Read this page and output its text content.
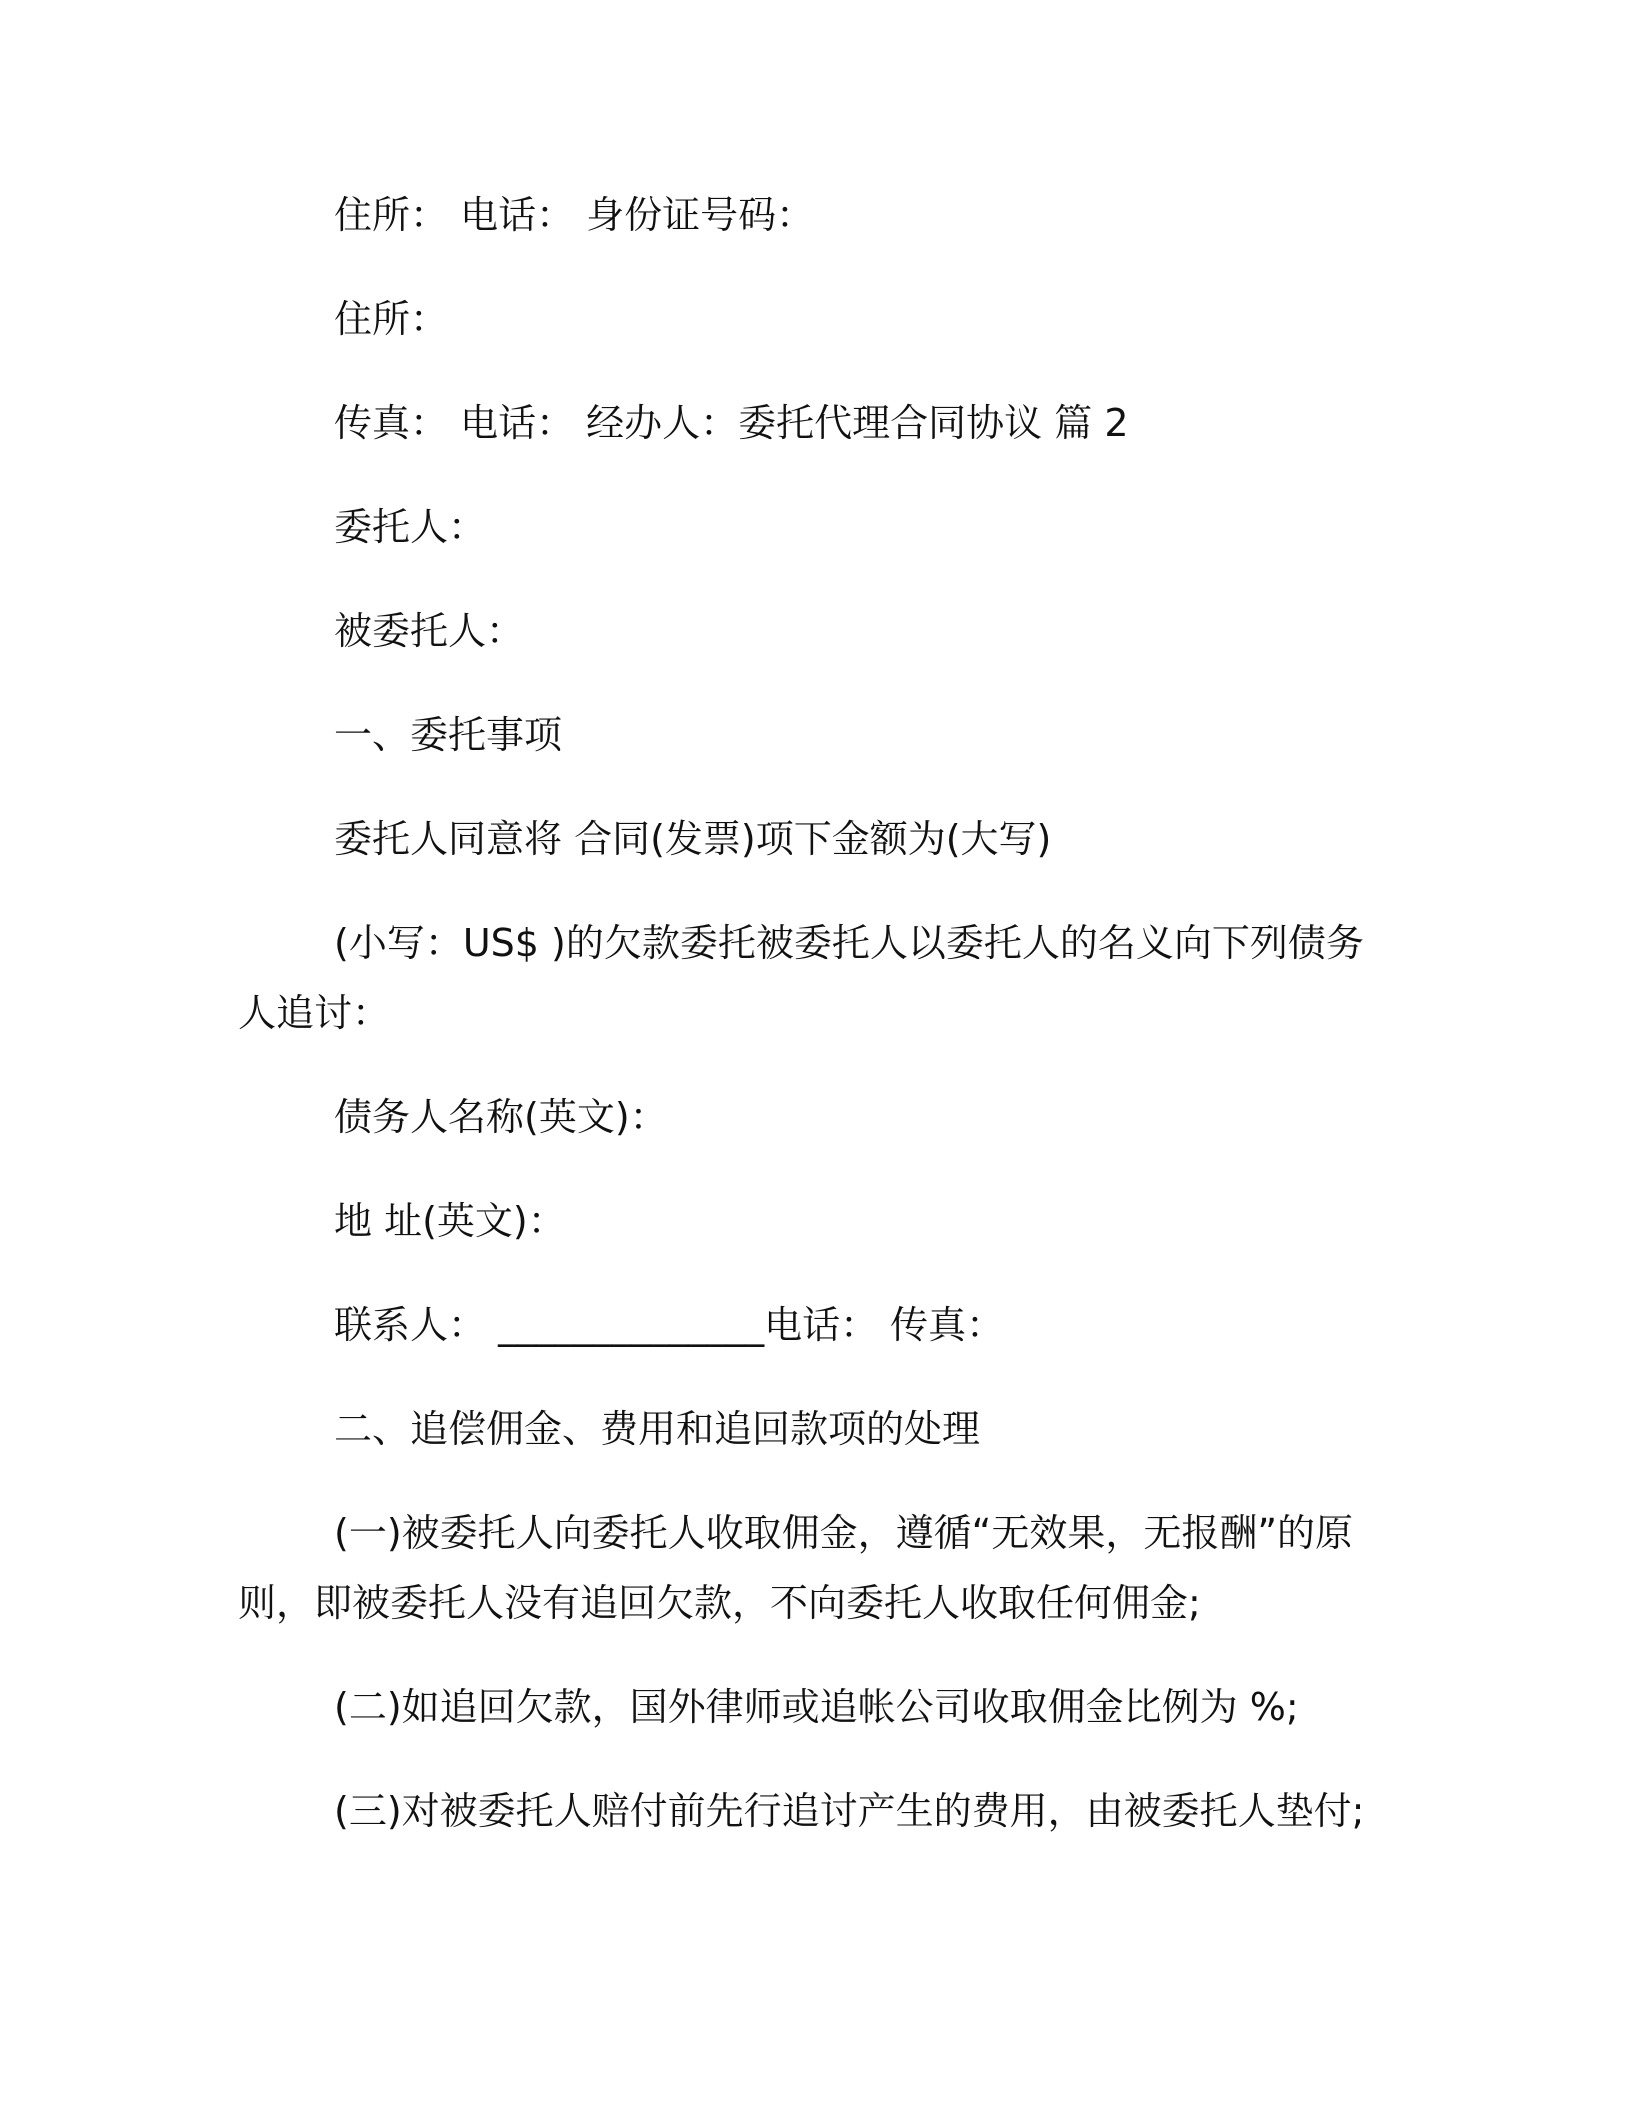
住所： 电话： 身份证号码：

住所：

传真： 电话： 经办人：委托代理合同协议 篇 2

委托人：

被委托人：

一、委托事项

委托人同意将 合同(发票)项下金额为(大写)

(小写：US$ )的欠款委托被委托人以委托人的名义向下列债务人追讨：

债务人名称(英文)：

地 址(英文)：

联系人： ______________电话： 传真：

二、追偿佣金、费用和追回款项的处理

(一)被委托人向委托人收取佣金，遵循“无效果，无报酬”的原则，即被委托人没有追回欠款，不向委托人收取任何佣金;

(二)如追回欠款，国外律师或追帐公司收取佣金比例为 %;

(三)对被委托人赔付前先行追讨产生的费用，由被委托人垫付;
